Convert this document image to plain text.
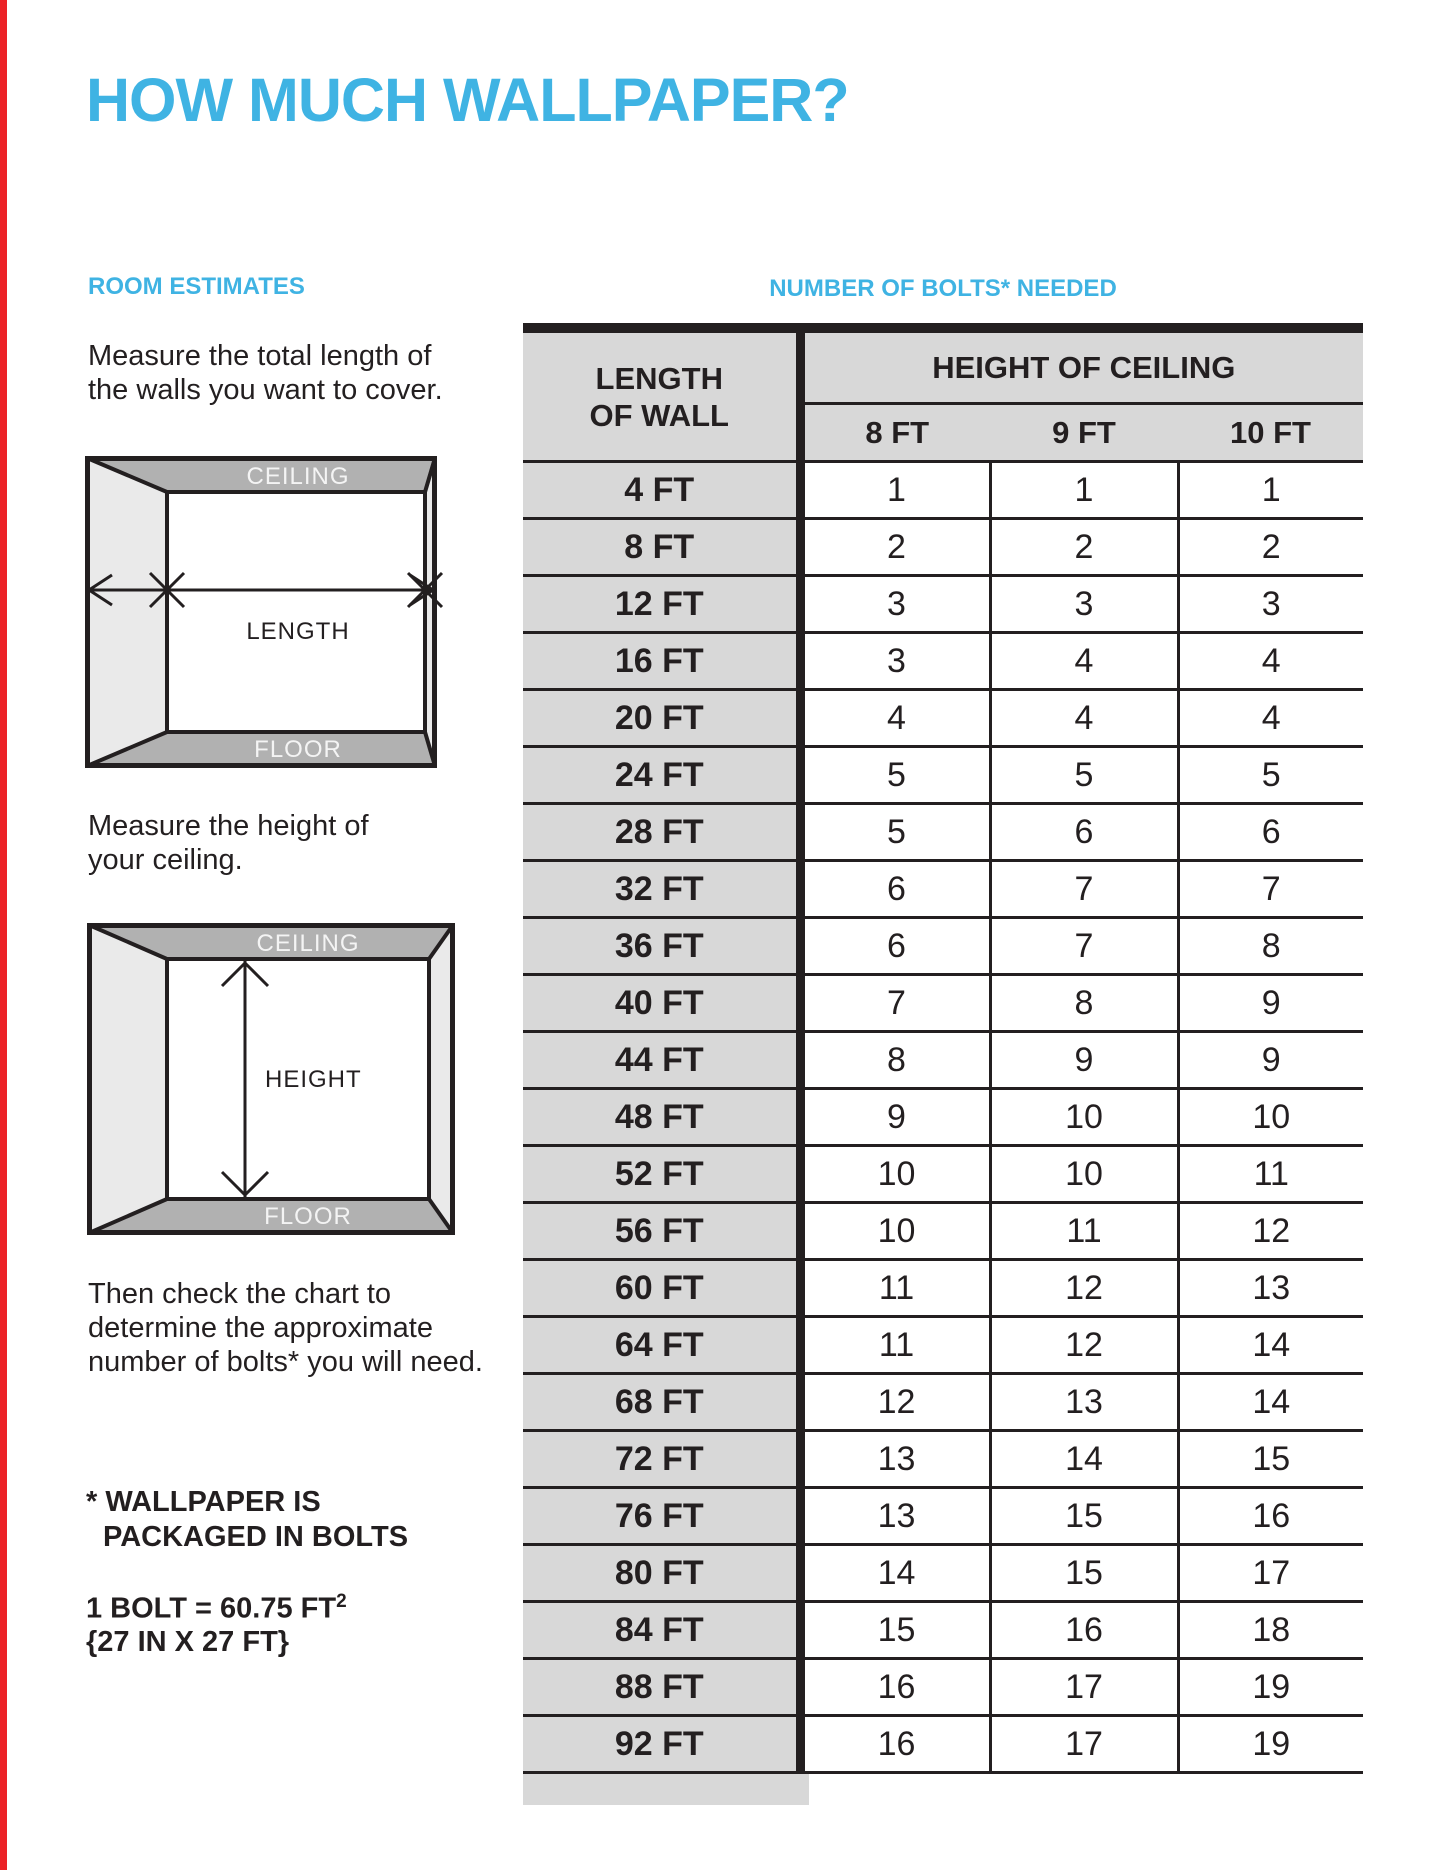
HOW MUCH WALLPAPER?
ROOM ESTIMATES
Measure the total length of
the walls you want to cover.
CEILING
FLOOR
LENGTH
Measure the height of
your ceiling.
CEILING
FLOOR
HEIGHT
Then check the chart to
determine the approximate
number of bolts* you will need.
* WALLPAPER IS
PACKAGED IN BOLTS
1 BOLT = 60.75 $FT^2$
{27 IN X 27 FT}
NUMBER OF BOLTS* NEEDED
LENGTH
OF WALL	HEIGHT OF CEILING		
	8 FT	9 FT	10 FT
4 FT	1	1	1
8 FT	2	2	2
12 FT	3	3	3
16 FT	3	4	4
20 FT	4	4	4
24 FT	5	5	5
28 FT	5	6	6
32 FT	6	7	7
36 FT	6	7	8
40 FT	7	8	9
44 FT	8	9	9
48 FT	9	10	10
52 FT	10	10	11
56 FT	10	11	12
60 FT	11	12	13
64 FT	11	12	14
68 FT	12	13	14
72 FT	13	14	15
76 FT	13	15	16
80 FT	14	15	17
84 FT	15	16	18
88 FT	16	17	19
92 FT	16	17	19
